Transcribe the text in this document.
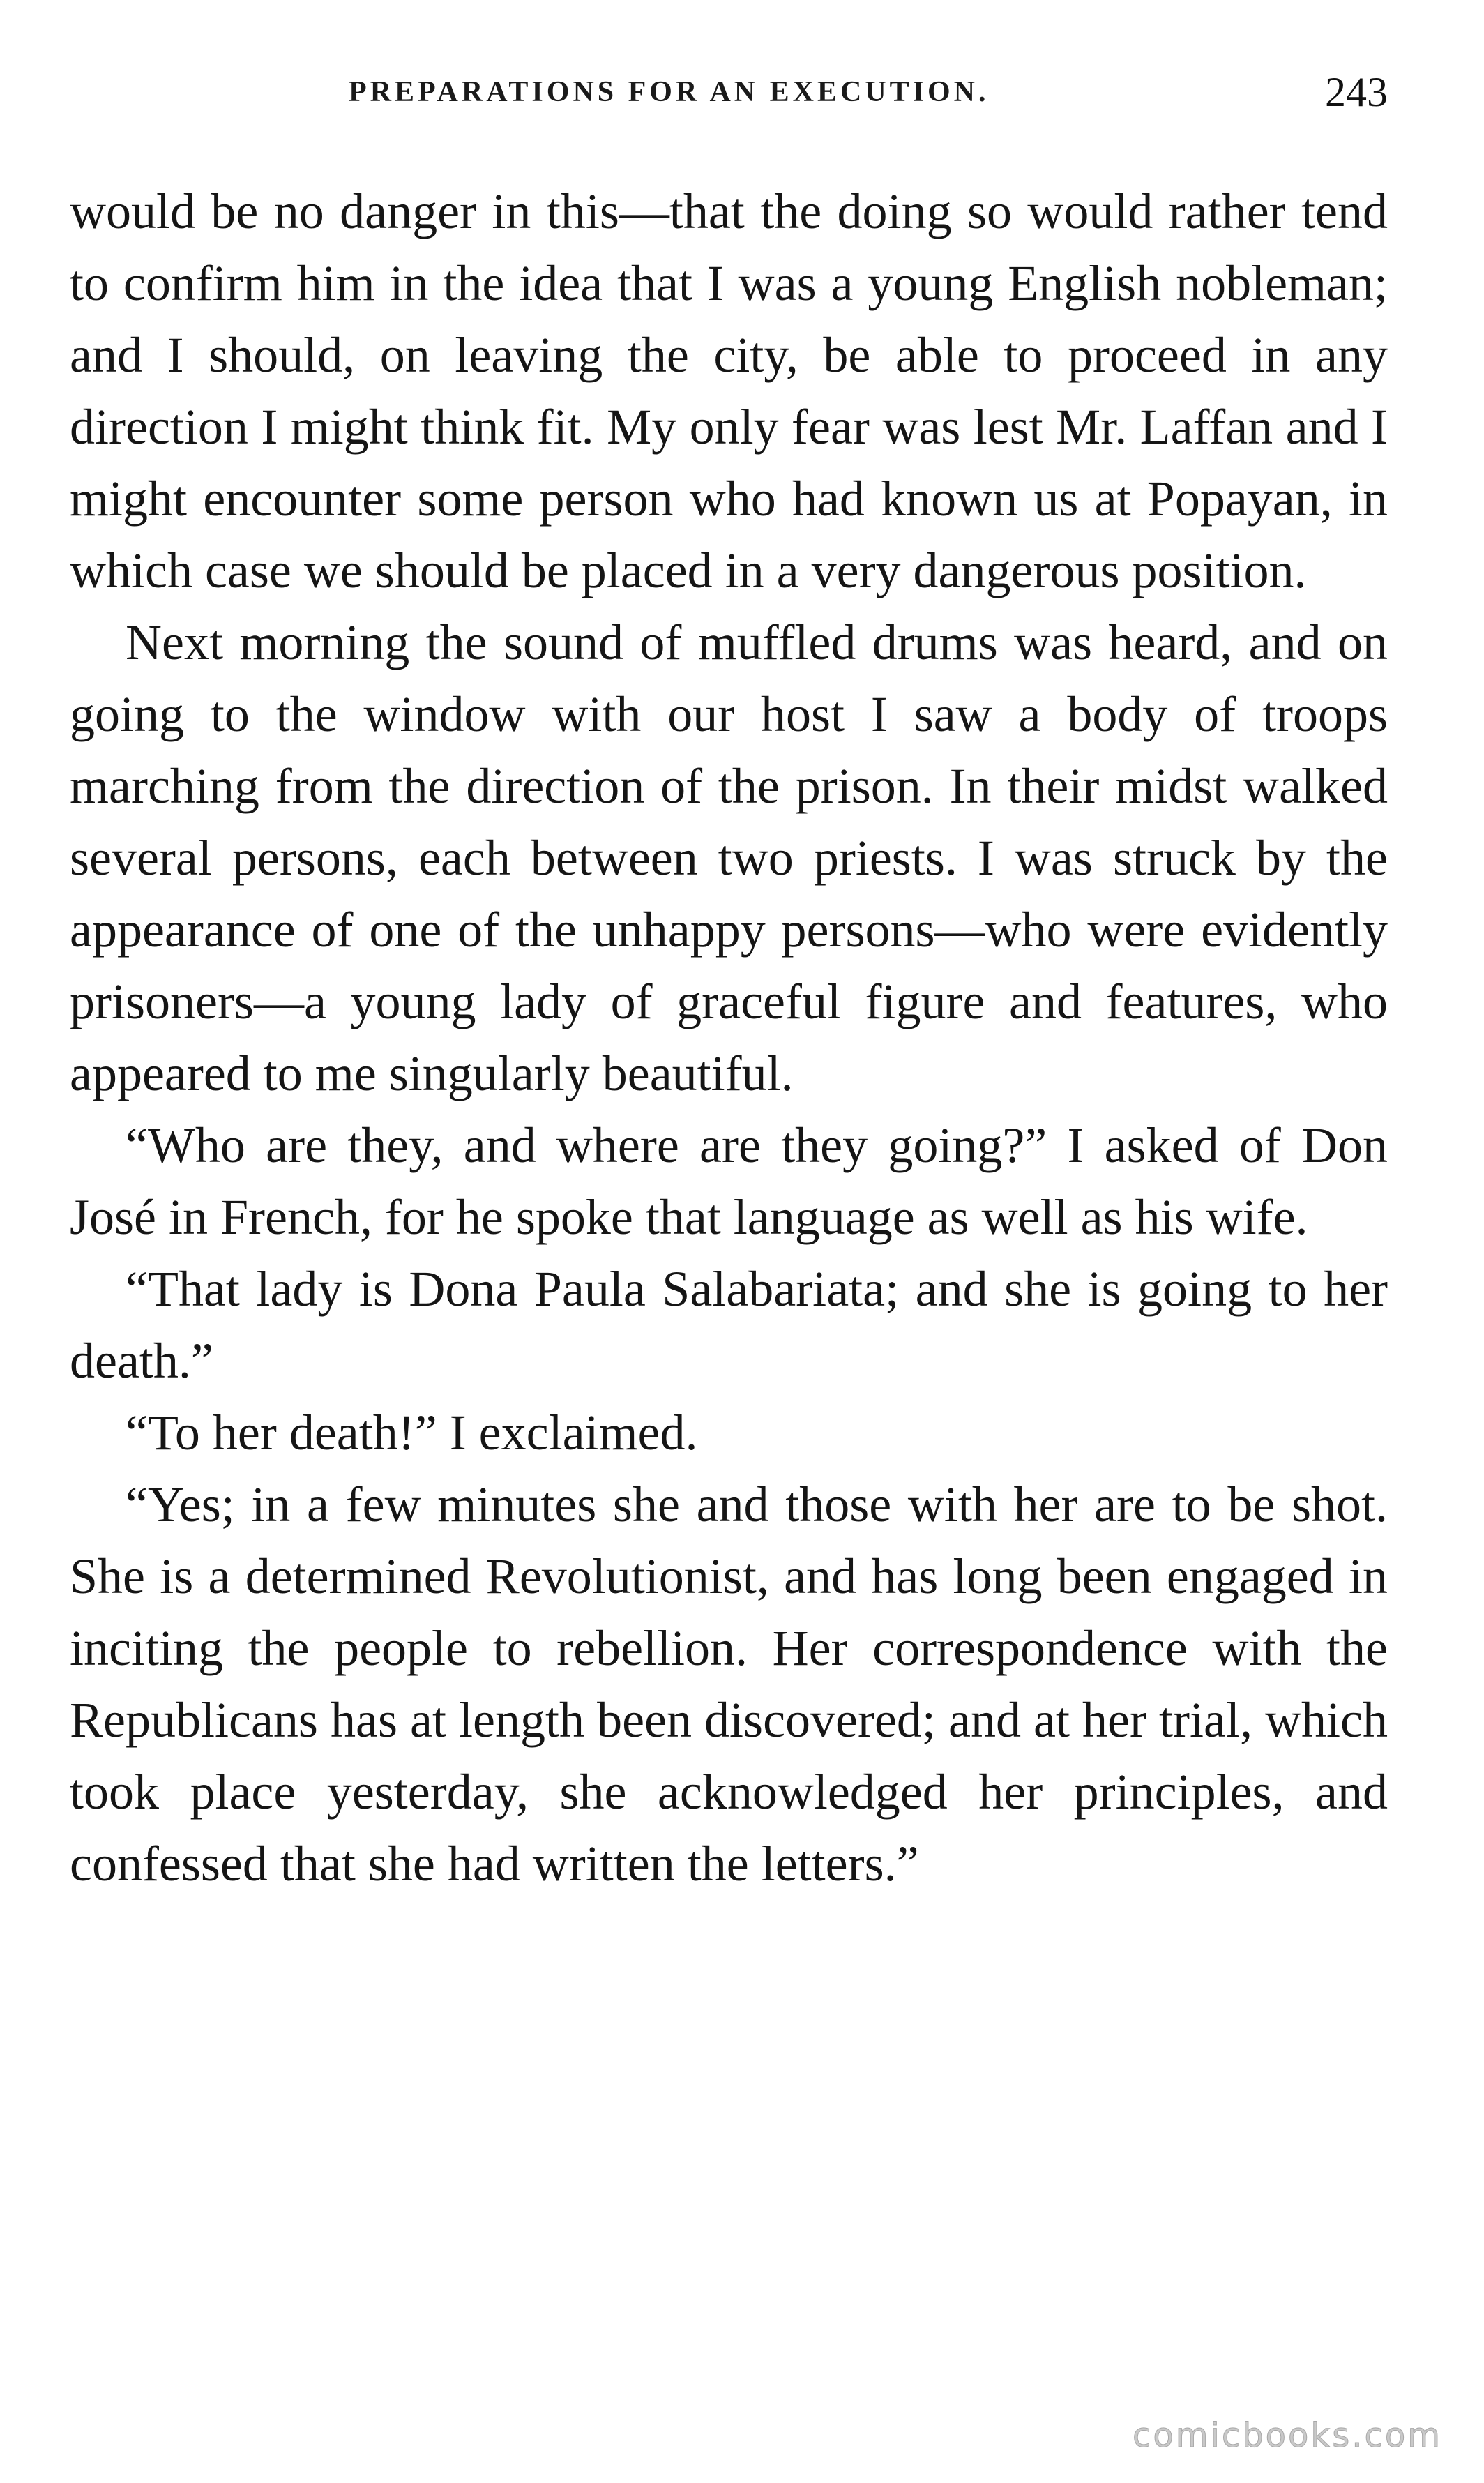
PREPARATIONS FOR AN EXECUTION.	243

would be no danger in this—that the doing so would rather tend to confirm him in the idea that I was a young English nobleman; and I should, on leaving the city, be able to proceed in any direction I might think fit. My only fear was lest Mr. Laffan and I might encounter some person who had known us at Popayan, in which case we should be placed in a very dangerous position.

Next morning the sound of muffled drums was heard, and on going to the window with our host I saw a body of troops marching from the direction of the prison. In their midst walked several persons, each between two priests. I was struck by the appearance of one of the unhappy persons—who were evidently prisoners—a young lady of graceful figure and features, who appeared to me singularly beautiful.

“Who are they, and where are they going?” I asked of Don José in French, for he spoke that language as well as his wife.

“That lady is Dona Paula Salabariata; and she is going to her death.”

“To her death!” I exclaimed.

“Yes; in a few minutes she and those with her are to be shot. She is a determined Revolutionist, and has long been engaged in inciting the people to rebellion. Her correspondence with the Republicans has at length been discovered; and at her trial, which took place yesterday, she acknowledged her principles, and confessed that she had written the letters.”

comicbooks.com
